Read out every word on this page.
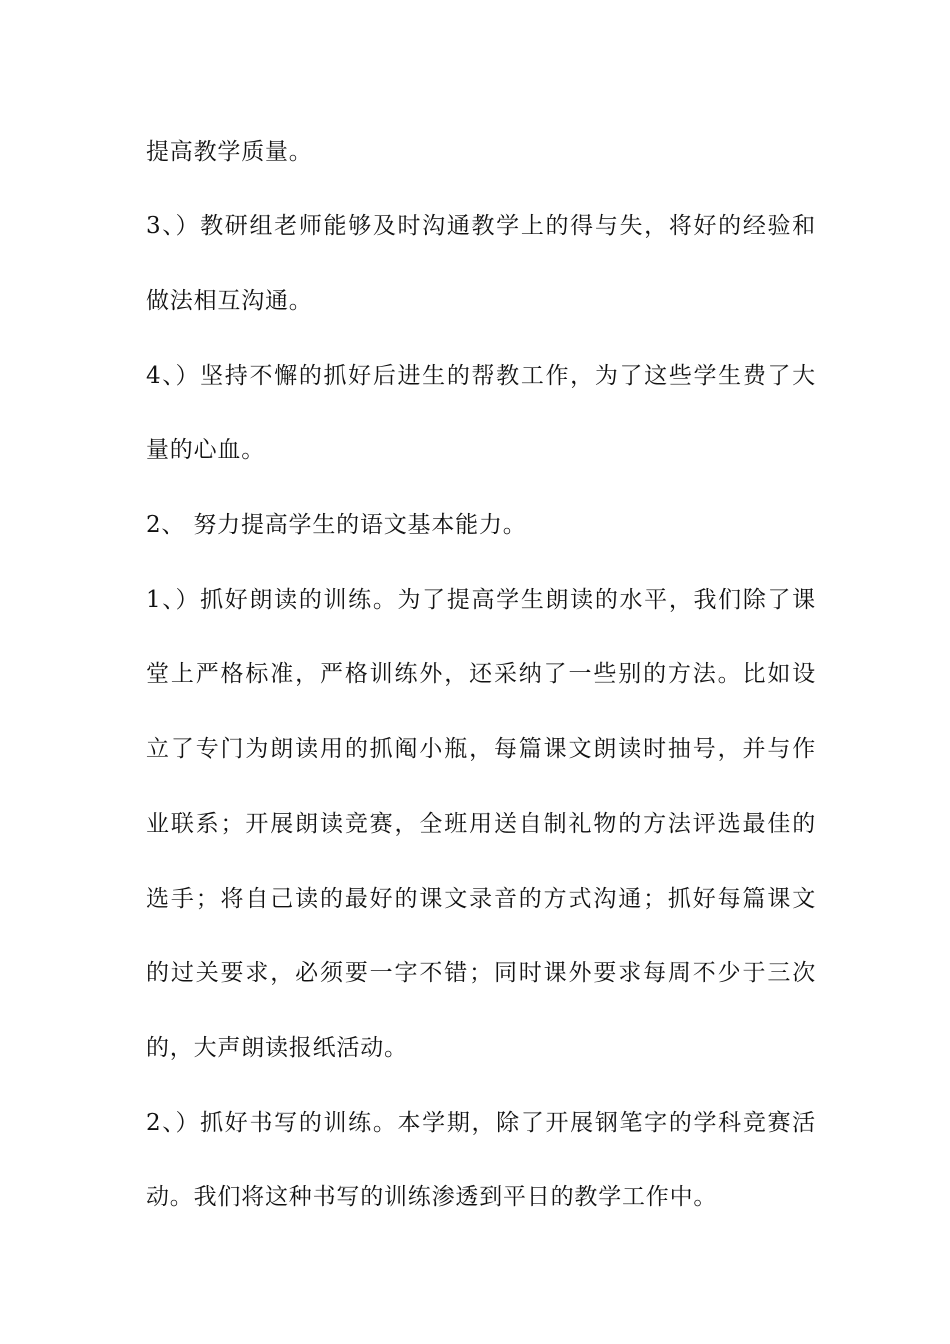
提高教学质量。
3、）教研组老师能够及时沟通教学上的得与失，将好的经验和
做法相互沟通。
4、）坚持不懈的抓好后进生的帮教工作，为了这些学生费了大
量的心血。
2、 努力提高学生的语文基本能力。
1、）抓好朗读的训练。为了提高学生朗读的水平，我们除了课
堂上严格标准，严格训练外，还采纳了一些别的方法。比如设
立了专门为朗读用的抓阄小瓶，每篇课文朗读时抽号，并与作
业联系；开展朗读竞赛，全班用送自制礼物的方法评选最佳的
选手；将自己读的最好的课文录音的方式沟通；抓好每篇课文
的过关要求，必须要一字不错；同时课外要求每周不少于三次
的，大声朗读报纸活动。
2、）抓好书写的训练。本学期，除了开展钢笔字的学科竞赛活
动。我们将这种书写的训练渗透到平日的教学工作中。
